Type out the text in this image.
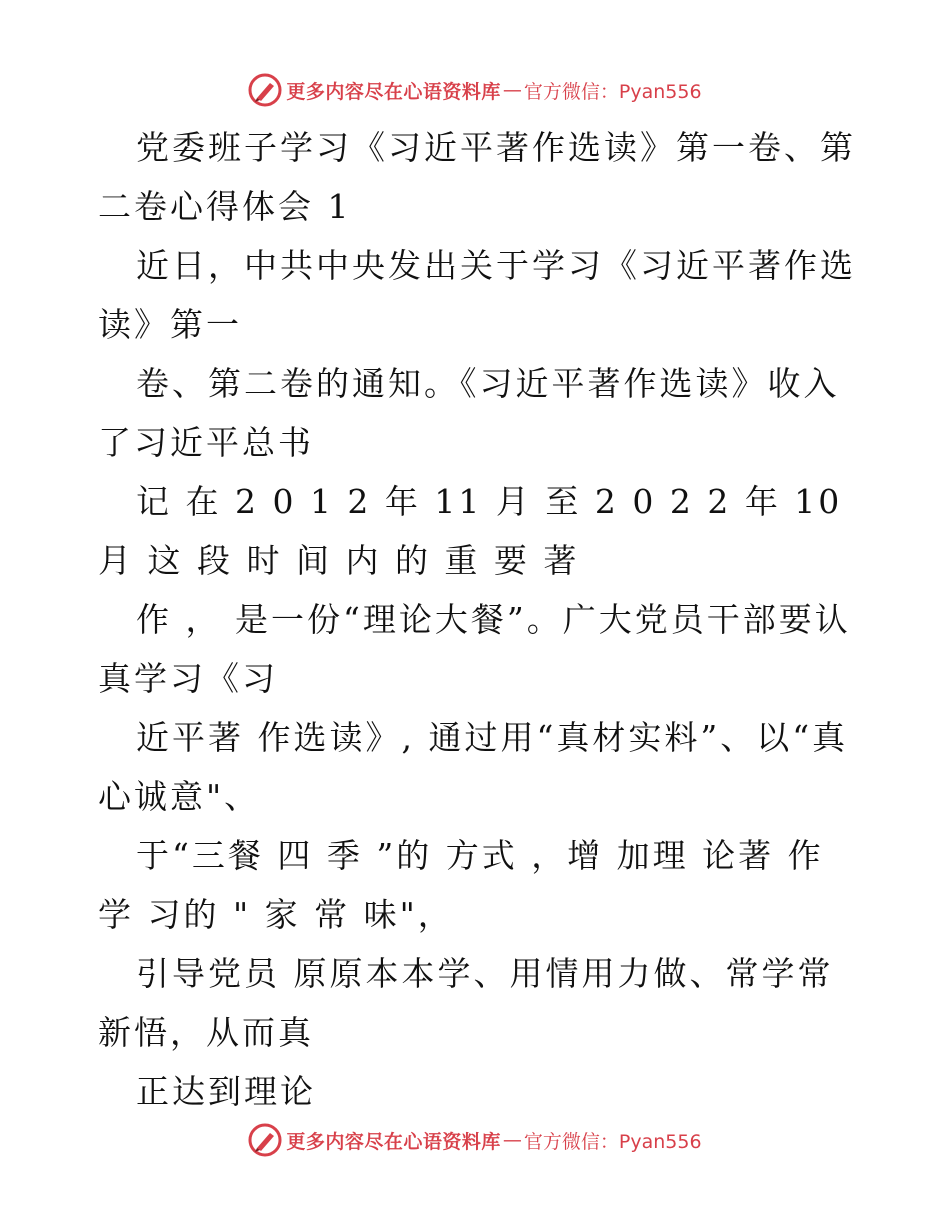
更多内容尽在心语资料库 — 官方微信：Pyan556

党委班子学习《习近平著作选读》第一卷、第二卷心得体会 1

近日，中共中央发出关于学习《习近平著作选读》第一

卷、第二卷的通知。《习近平著作选读》收入了习近平总书

记 在 2 0 1 2 年 11 月 至 2 0 2 2 年 10 月 这 段 时 间 内 的 重 要 著

作 ， 是一份“理论大餐”。广大党员干部要认真学习《习

近平著 作选读》, 通过用“真材实料”、以“真心诚意"、

于“三餐 四 季 ”的 方式 ，增 加理 论著 作学 习的 " 家 常 味"，

引导党员 原原本本学、用情用力做、常学常新悟，从而真

正达到理论

更多内容尽在心语资料库 — 官方微信：Pyan556
